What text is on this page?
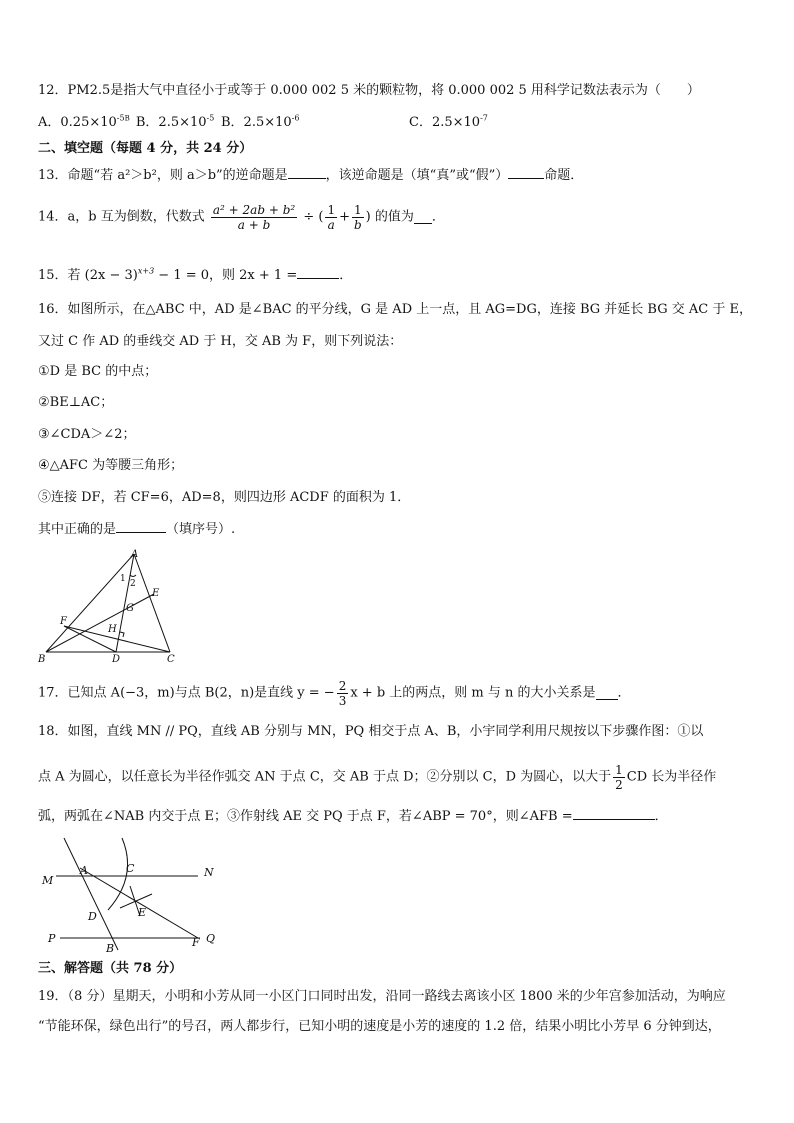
12．PM2.5是指大气中直径小于或等于 0.000 002 5 米的颗粒物，将 0.000 002 5 用科学记数法表示为（　　）
A．$0.25\times 10^{-5B}$ B．$2.5\times 10^{-5}$ B．$2.5\times 10^{-6}$	C．$2.5\times 10^{-7}$
二、填空题（每题 4 分，共 24 分）
13．命题“若 a²＞b²，则 a＞b”的逆命题是	，该逆命题是（填“真”或“假”）	命题．
14．a，b 互为倒数，代数式 $\frac{\text{a² + 2ab + b²}}{a + b}$ ÷ ( $\frac{1}{a} + \frac{1}{b}$ ) 的值为 ．
15．若 $(2x - 3)^{x+3} - 1 = 0$，则 2x + 1 =	．
16．如图所示，在△ABC 中，AD 是∠BAC 的平分线，G 是 AD 上一点，且 AG=DG，连接 BG 并延长 BG 交 AC 于 E，
又过 C 作 AD 的垂线交 AD 于 H，交 AB 为 F，则下列说法：
①D 是 BC 的中点；
②BE⊥AC；
③∠CDA＞∠2；
④△AFC 为等腰三角形；
⑤连接 DF，若 CF=6，AD=8，则四边形 ACDF 的面积为 1．
其中正确的是	（填序号）.
A
B	C
D
E
F
G
H
1 2
17．已知点 A(−3，m)与点 B(2，n)是直线 y = − $\frac{2}{3}$ x + b 上的两点，则 m 与 n 的大小关系是 ．
18．如图，直线 MN // PQ，直线 AB 分别与 MN，PQ 相交于点 A、B，小宇同学利用尺规按以下步骤作图：①以
点 A 为圆心，以任意长为半径作弧交 AN 于点 C，交 AB 于点 D；②分别以 C，D 为圆心，以大于 $\frac{1}{2}$ CD 长为半径作
弧，两弧在∠NAB 内交于点 E；③作射线 AE 交 PQ 于点 F，若∠ABP = 70°，则∠AFB =	．
M
N
P	Q
A
B
C
D	E
F
三、解答题（共 78 分）
19．（8 分）星期天，小明和小芳从同一小区门口同时出发，沿同一路线去离该小区 1800 米的少年宫参加活动，为响应
“节能环保，绿色出行”的号召，两人都步行，已知小明的速度是小芳的速度的 1.2 倍，结果小明比小芳早 6 分钟到达，
